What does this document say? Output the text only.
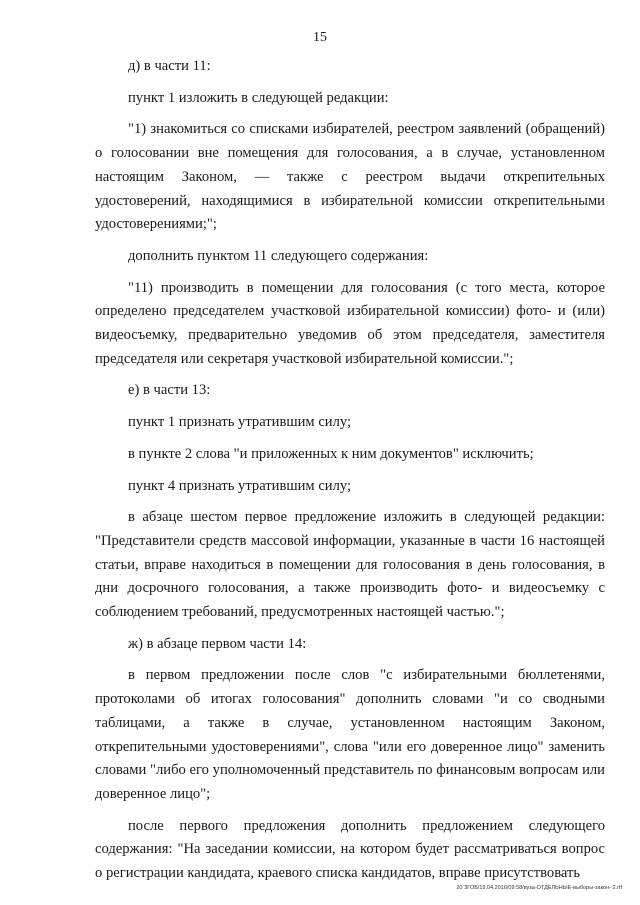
15

д) в части 11:

пункт 1 изложить в следующей редакции:

"1) знакомиться со списками избирателей, реестром заявлений (обращений) о голосовании вне помещения для голосования, а в случае, установленном настоящим Законом, — также с реестром выдачи открепительных удостоверений, находящимися в избирательной комиссии открепительными удостоверениями;";

дополнить пунктом 11 следующего содержания:

"11) производить в помещении для голосования (с того места, которое определено председателем участковой избирательной комиссии) фото- и (или) видеосъемку, предварительно уведомив об этом председателя, заместителя председателя или секретаря участковой избирательной комиссии.";

е) в части 13:

пункт 1 признать утратившим силу;

в пункте 2 слова "и приложенных к ним документов" исключить;

пункт 4 признать утратившим силу;

в абзаце шестом первое предложение изложить в следующей редакции: "Представители средств массовой информации, указанные в части 16 настоящей статьи, вправе находиться в помещении для голосования в день голосования, в дни досрочного голосования, а также производить фото- и видеосъемку с соблюдением требований, предусмотренных настоящей частью.";

ж) в абзаце первом части 14:

в первом предложении после слов "с избирательными бюллетенями, протоколами об итогах голосования" дополнить словами "и со сводными таблицами, а также в случае, установленном настоящим Законом, открепительными удостоверениями", слова "или его доверенное лицо" заменить словами "либо его уполномоченный представитель по финансовым вопросам или доверенное лицо";

после первого предложения дополнить предложением следующего содержания: "На заседании комиссии, на котором будет рассматриваться вопрос о регистрации кандидата, краевого списка кандидатов, вправе присутствовать

20 ЗГОБ/19.04.2016/09:58/вуза-ОТДЕЛЬНЫЕ-выборы-закон- 2.rtf
